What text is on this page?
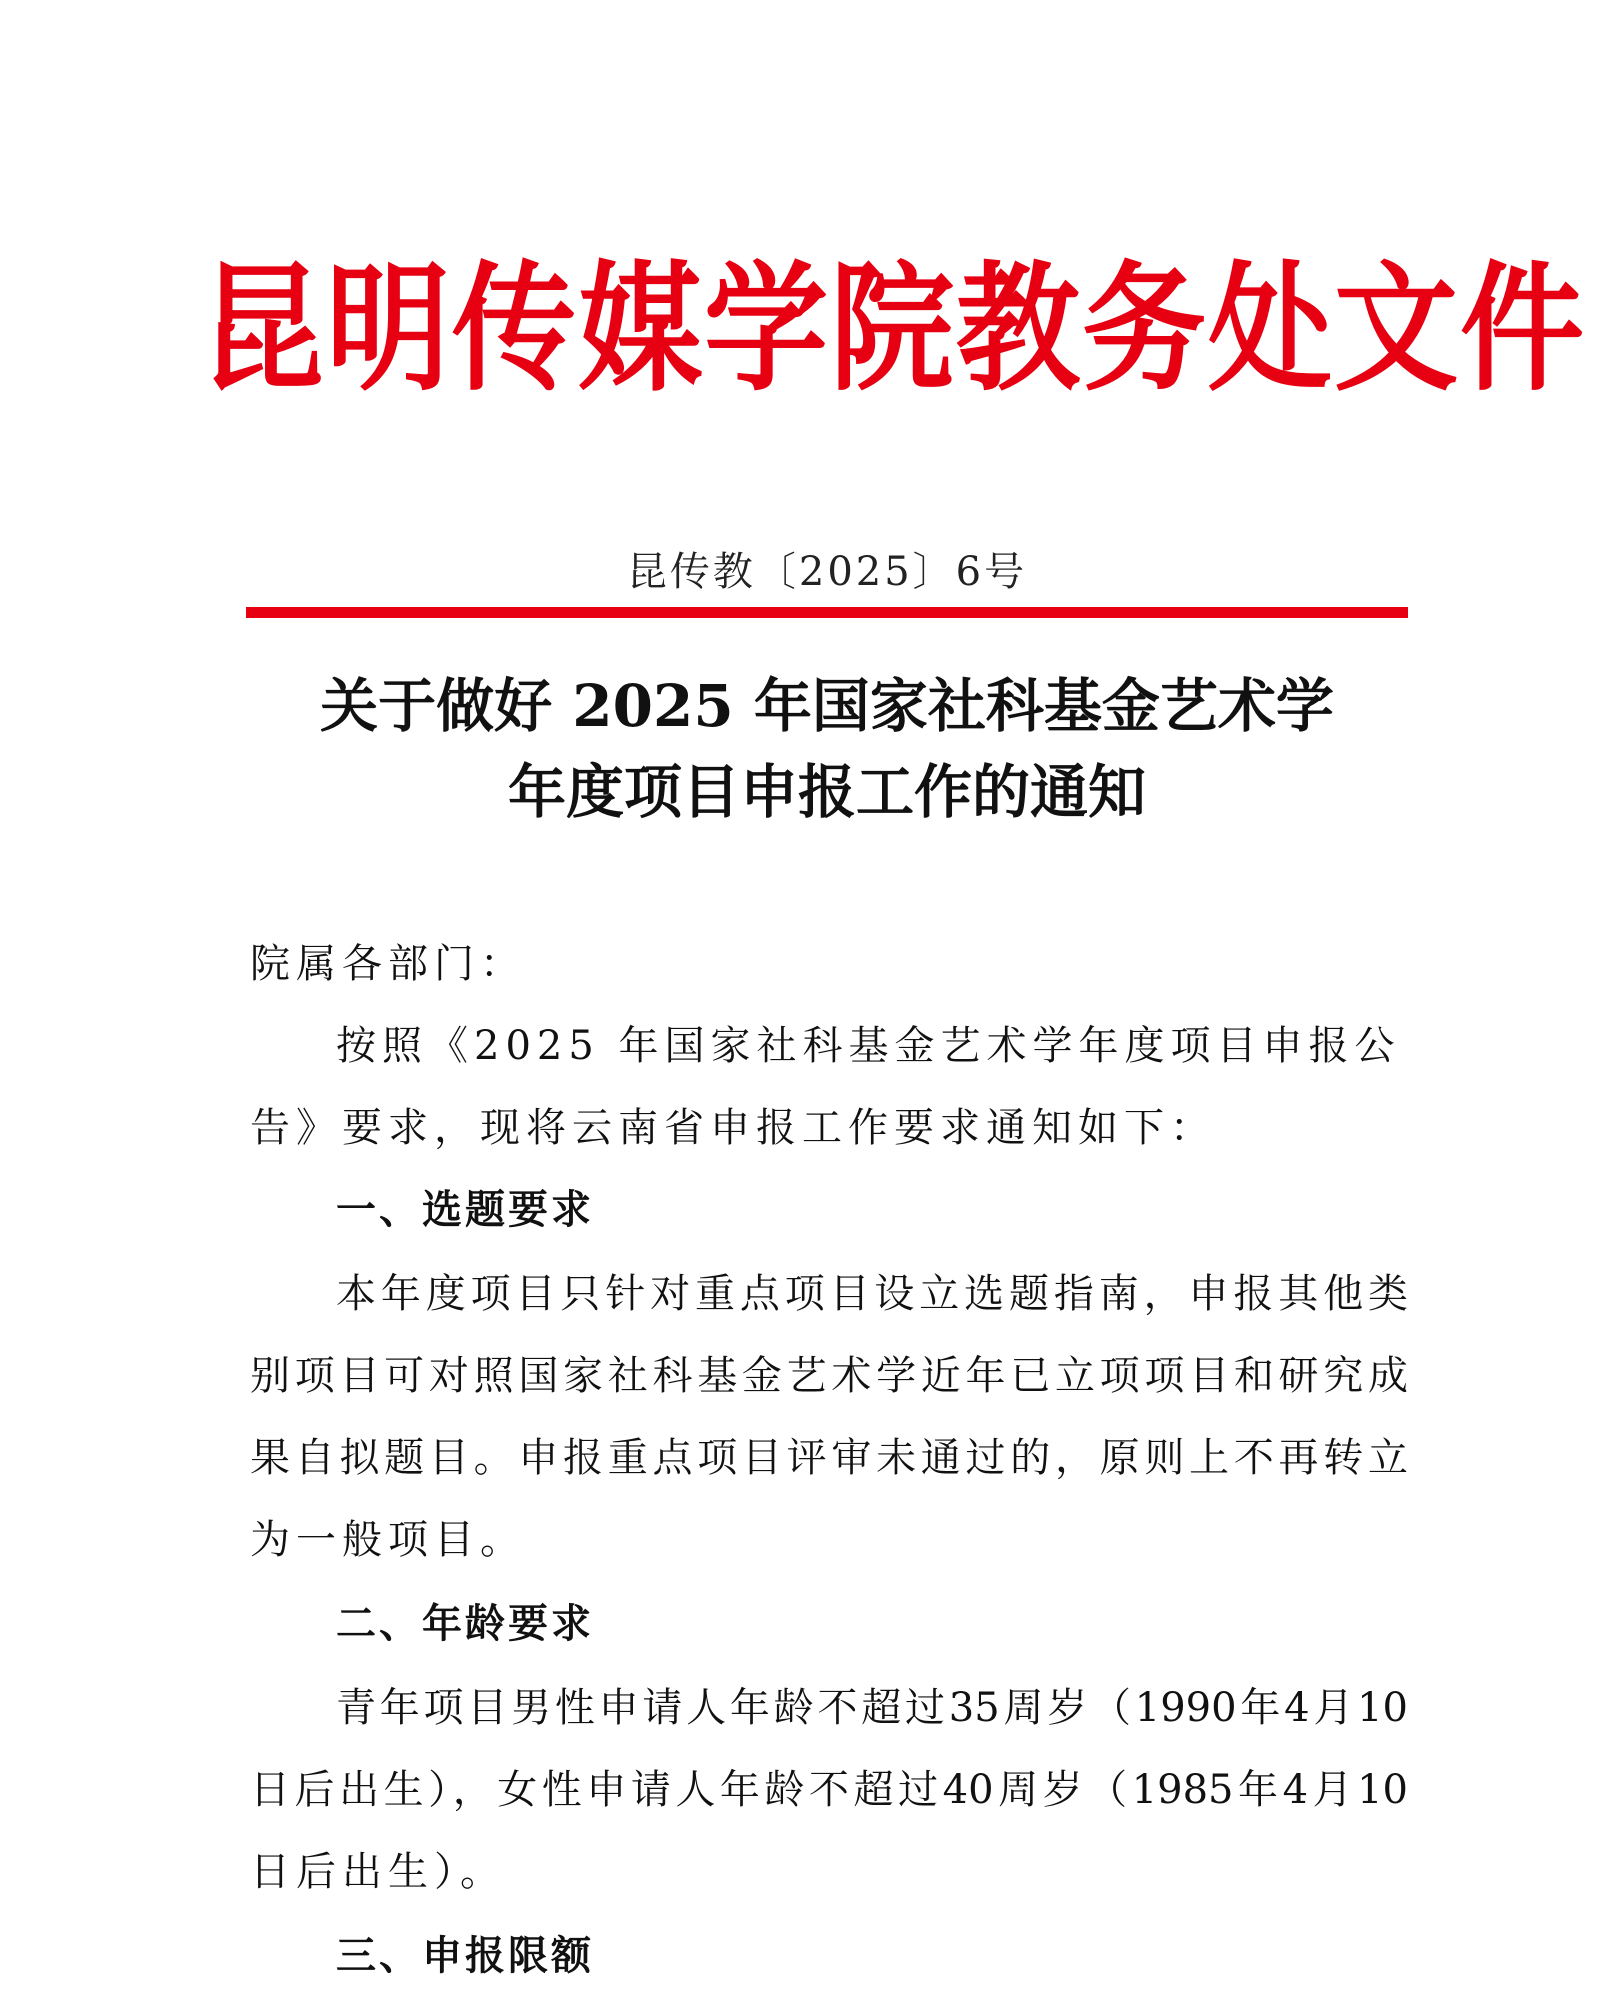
昆明传媒学院教务处文件
昆传教〔2025〕6号
关于做好 2025 年国家社科基金艺术学
年度项目申报工作的通知
院属各部门：
按照《2025 年国家社科基金艺术学年度项目申报公
告》要求，现将云南省申报工作要求通知如下：
一、选题要求
本年度项目只针对重点项目设立选题指南，申报其他类
别项目可对照国家社科基金艺术学近年已立项项目和研究成
果自拟题目。申报重点项目评审未通过的，原则上不再转立
为一般项目。
二、年龄要求
青年项目男性申请人年龄不超过35周岁（1990年4月10
日后出生），女性申请人年龄不超过40周岁（1985年4月10
日后出生）。
三、申报限额
